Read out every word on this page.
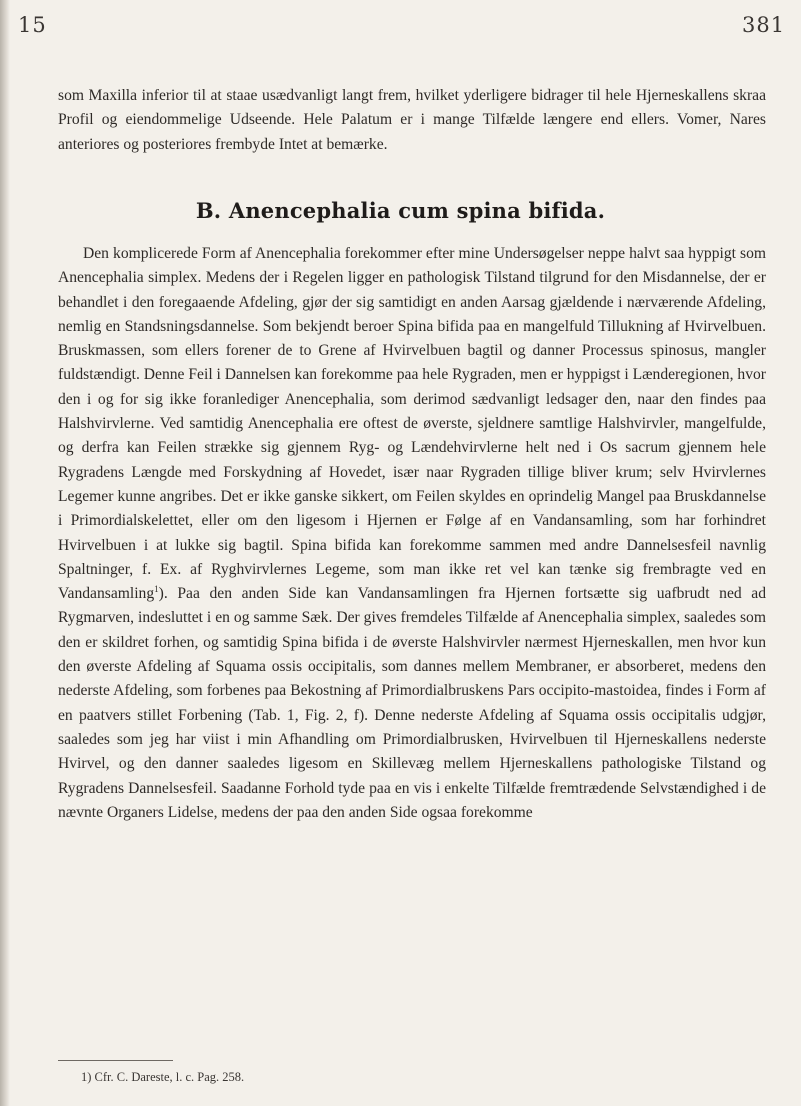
15	381

som Maxilla inferior til at staae usædvanligt langt frem, hvilket yderligere bidrager til hele Hjerneskallens skraa Profil og eiendommelige Udseende. Hele Palatum er i mange Tilfælde længere end ellers. Vomer, Nares anteriores og posteriores frembyde Intet at bemærke.

B. Anencephalia cum spina bifida.

Den komplicerede Form af Anencephalia forekommer efter mine Undersøgelser neppe halvt saa hyppigt som Anencephalia simplex. Medens der i Regelen ligger en pathologisk Tilstand tilgrund for den Misdannelse, der er behandlet i den foregaaende Afdeling, gjør der sig samtidigt en anden Aarsag gjældende i nærværende Afdeling, nemlig en Standsningsdannelse. Som bekjendt beroer Spina bifida paa en mangelfuld Tillukning af Hvirvelbuen. Bruskmassen, som ellers forener de to Grene af Hvirvelbuen bagtil og danner Processus spinosus, mangler fuldstændigt. Denne Feil i Dannelsen kan forekomme paa hele Rygraden, men er hyppigst i Lænderegionen, hvor den i og for sig ikke foranlediger Anencephalia, som derimod sædvanligt ledsager den, naar den findes paa Halshvirvlerne. Ved samtidig Anencephalia ere oftest de øverste, sjeldnere samtlige Halshvirvler, mangelfulde, og derfra kan Feilen strække sig gjennem Ryg- og Lændehvirvlerne helt ned i Os sacrum gjennem hele Rygradens Længde med Forskydning af Hovedet, især naar Rygraden tillige bliver krum; selv Hvirvlernes Legemer kunne angribes. Det er ikke ganske sikkert, om Feilen skyldes en oprindelig Mangel paa Bruskdannelse i Primordialskelettet, eller om den ligesom i Hjernen er Følge af en Vandansamling, som har forhindret Hvirvelbuen i at lukke sig bagtil. Spina bifida kan forekomme sammen med andre Dannelsesfeil navnlig Spaltninger, f. Ex. af Ryghvirvlernes Legeme, som man ikke ret vel kan tænke sig frembragte ved en Vandansamling$^1$). Paa den anden Side kan Vandansamlingen fra Hjernen fortsætte sig uafbrudt ned ad Rygmarven, indesluttet i en og samme Sæk. Der gives fremdeles Tilfælde af Anencephalia simplex, saaledes som den er skildret forhen, og samtidig Spina bifida i de øverste Halshvirvler nærmest Hjerneskallen, men hvor kun den øverste Afdeling af Squama ossis occipitalis, som dannes mellem Membraner, er absorberet, medens den nederste Afdeling, som forbenes paa Bekostning af Primordialbruskens Pars occipito-mastoidea, findes i Form af en paatvers stillet Forbening (Tab. 1, Fig. 2, f). Denne nederste Afdeling af Squama ossis occipitalis udgjør, saaledes som jeg har viist i min Afhandling om Primordialbrusken, Hvirvelbuen til Hjerneskallens nederste Hvirvel, og den danner saaledes ligesom en Skillevæg mellem Hjerneskallens pathologiske Tilstand og Rygradens Dannelsesfeil. Saadanne Forhold tyde paa en vis i enkelte Tilfælde fremtrædende Selvstændighed i de nævnte Organers Lidelse, medens der paa den anden Side ogsaa forekomme

1) Cfr. C. Dareste, l. c. Pag. 258.
